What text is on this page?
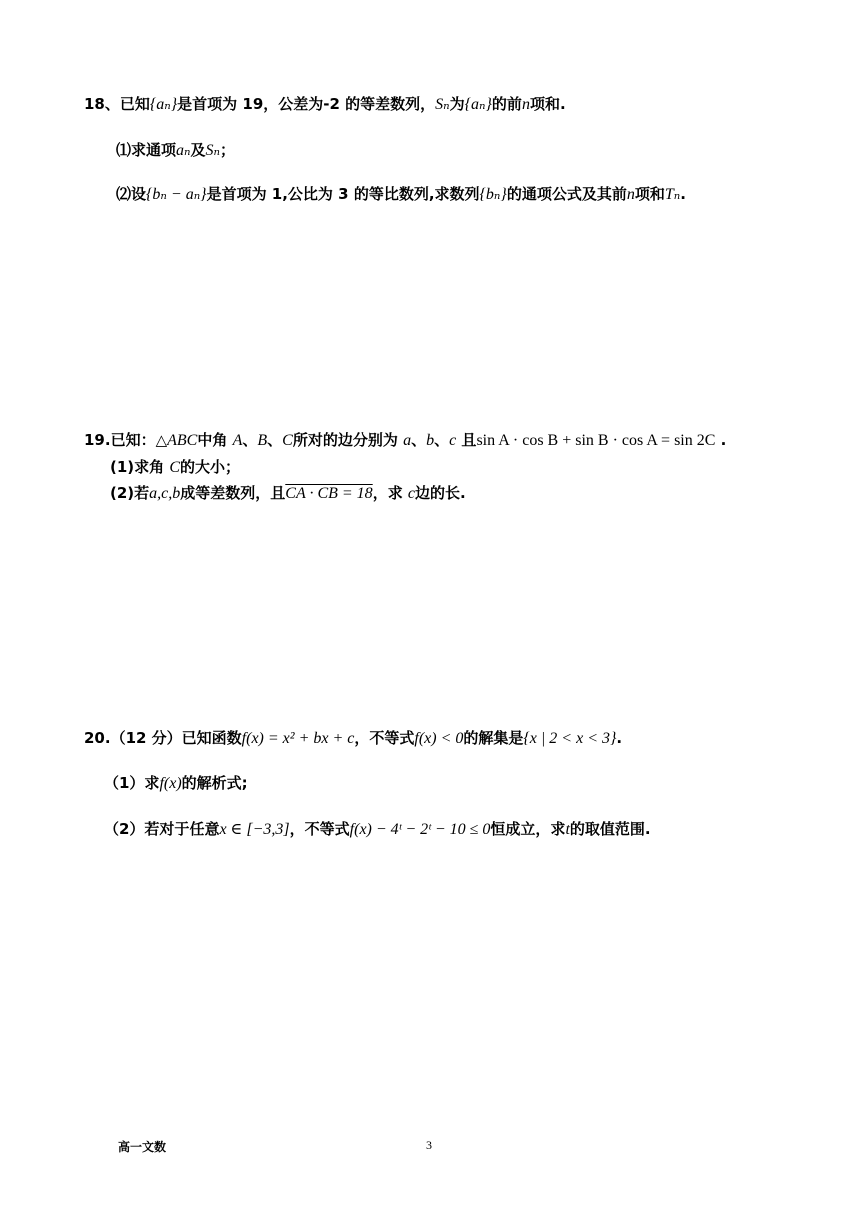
18、已知{aₙ}是首项为 19，公差为-2 的等差数列，Sₙ为{aₙ}的前n项和.
⑴求通项aₙ及Sₙ；
⑵设{bₙ − aₙ}是首项为 1,公比为 3 的等比数列,求数列{bₙ}的通项公式及其前n项和Tₙ.
19.已知：△ABC中角 A、B、C所对的边分别为 a、b、c 且sin A · cos B + sin B · cos A = sin 2C .
(1)求角 C的大小；
(2)若a,c,b成等差数列，且CA · CB = 18，求 c边的长.
20.（12 分）已知函数f(x) = x² + bx + c，不等式f(x) < 0的解集是{x | 2 < x < 3}.
（1）求f(x)的解析式;
（2）若对于任意x ∈ [−3,3]，不等式f(x) − 4ᵗ − 2ᵗ − 10 ≤ 0恒成立，求t的取值范围.
高一文数	3
